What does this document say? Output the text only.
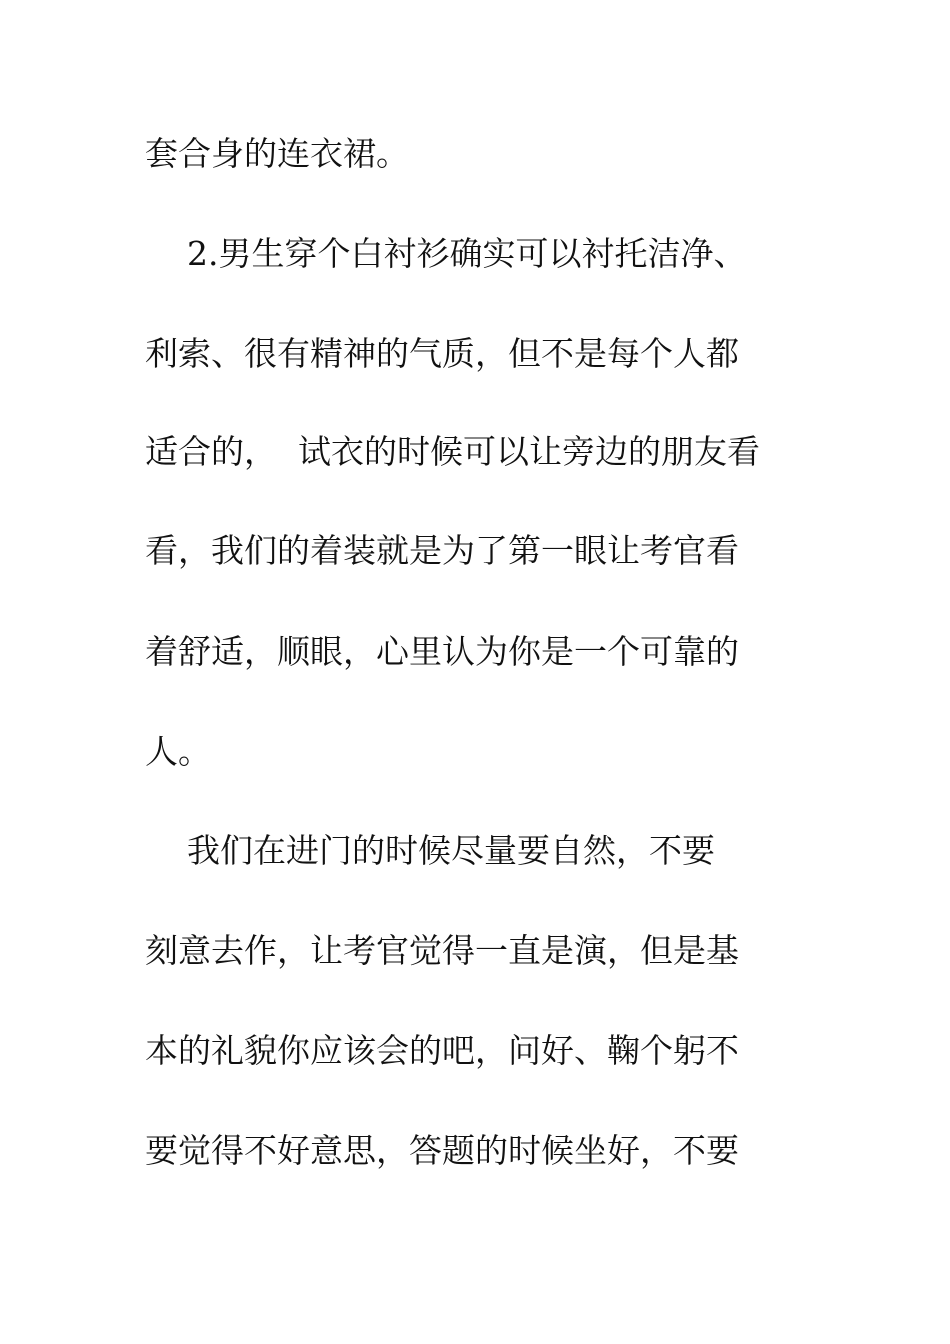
套合身的连衣裙。

2.男生穿个白衬衫确实可以衬托洁净、

利索、很有精神的气质，但不是每个人都

适合的，  试衣的时候可以让旁边的朋友看

看，我们的着装就是为了第一眼让考官看

着舒适，顺眼，心里认为你是一个可靠的

人。

我们在进门的时候尽量要自然，不要

刻意去作，让考官觉得一直是演，但是基

本的礼貌你应该会的吧，问好、鞠个躬不

要觉得不好意思，答题的时候坐好，不要
